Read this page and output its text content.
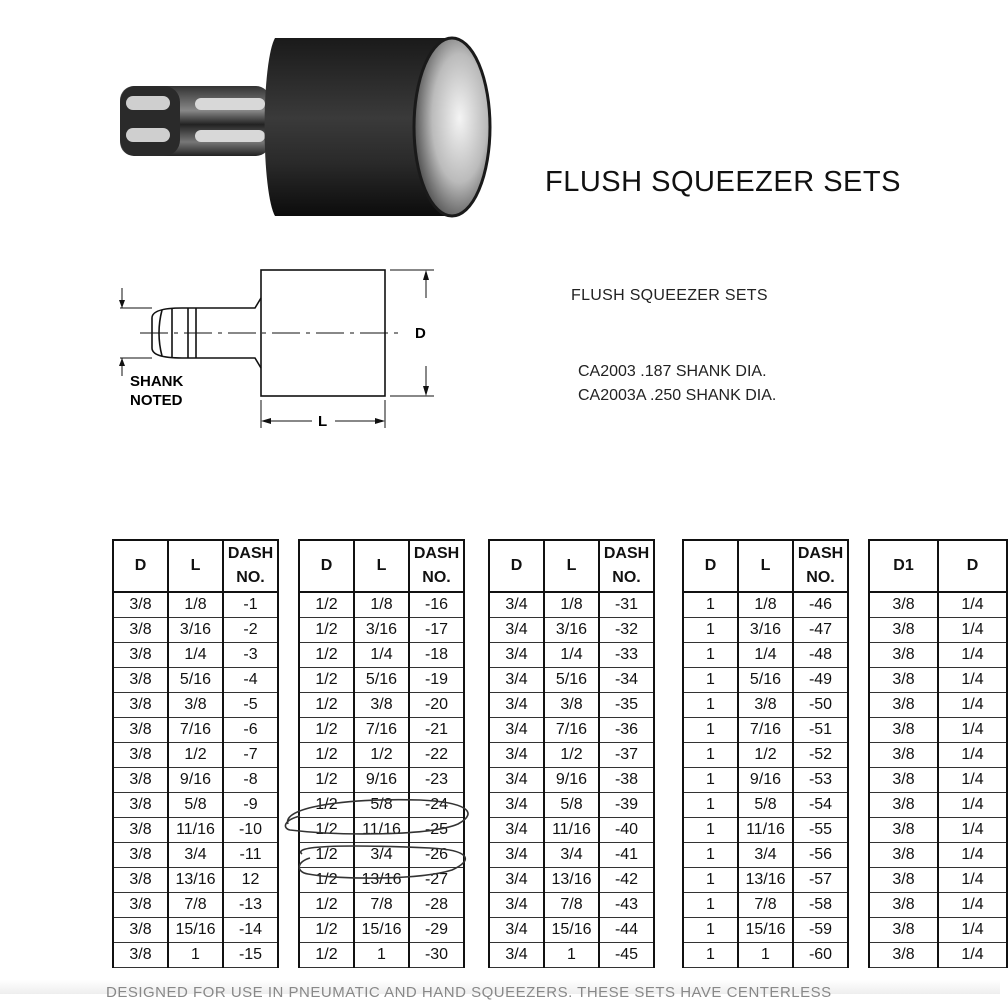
SHANK
NOTED
D
L
FLUSH SQUEEZER SETS
FLUSH SQUEEZER SETS
CA2003 .187 SHANK DIA.
CA2003A .250 SHANK DIA.
D	L	DASH
NO.
3/8	1/8	-1
3/8	3/16	-2
3/8	1/4	-3
3/8	5/16	-4
3/8	3/8	-5
3/8	7/16	-6
3/8	1/2	-7
3/8	9/16	-8
3/8	5/8	-9
3/8	11/16	-10
3/8	3/4	-11
3/8	13/16	12
3/8	7/8	-13
3/8	15/16	-14
3/8	1	-15
D	L	DASH
NO.
1/2	1/8	-16
1/2	3/16	-17
1/2	1/4	-18
1/2	5/16	-19
1/2	3/8	-20
1/2	7/16	-21
1/2	1/2	-22
1/2	9/16	-23
1/2	5/8	-24
1/2	11/16	-25
1/2	3/4	-26
1/2	13/16	-27
1/2	7/8	-28
1/2	15/16	-29
1/2	1	-30
D	L	DASH
NO.
3/4	1/8	-31
3/4	3/16	-32
3/4	1/4	-33
3/4	5/16	-34
3/4	3/8	-35
3/4	7/16	-36
3/4	1/2	-37
3/4	9/16	-38
3/4	5/8	-39
3/4	11/16	-40
3/4	3/4	-41
3/4	13/16	-42
3/4	7/8	-43
3/4	15/16	-44
3/4	1	-45
D	L	DASH
NO.
1	1/8	-46
1	3/16	-47
1	1/4	-48
1	5/16	-49
1	3/8	-50
1	7/16	-51
1	1/2	-52
1	9/16	-53
1	5/8	-54
1	11/16	-55
1	3/4	-56
1	13/16	-57
1	7/8	-58
1	15/16	-59
1	1	-60
D1	D
3/8	1/4
3/8	1/4
3/8	1/4
3/8	1/4
3/8	1/4
3/8	1/4
3/8	1/4
3/8	1/4
3/8	1/4
3/8	1/4
3/8	1/4
3/8	1/4
3/8	1/4
3/8	1/4
3/8	1/4
DESIGNED FOR USE IN PNEUMATIC AND HAND SQUEEZERS. THESE SETS HAVE CENTERLESS
